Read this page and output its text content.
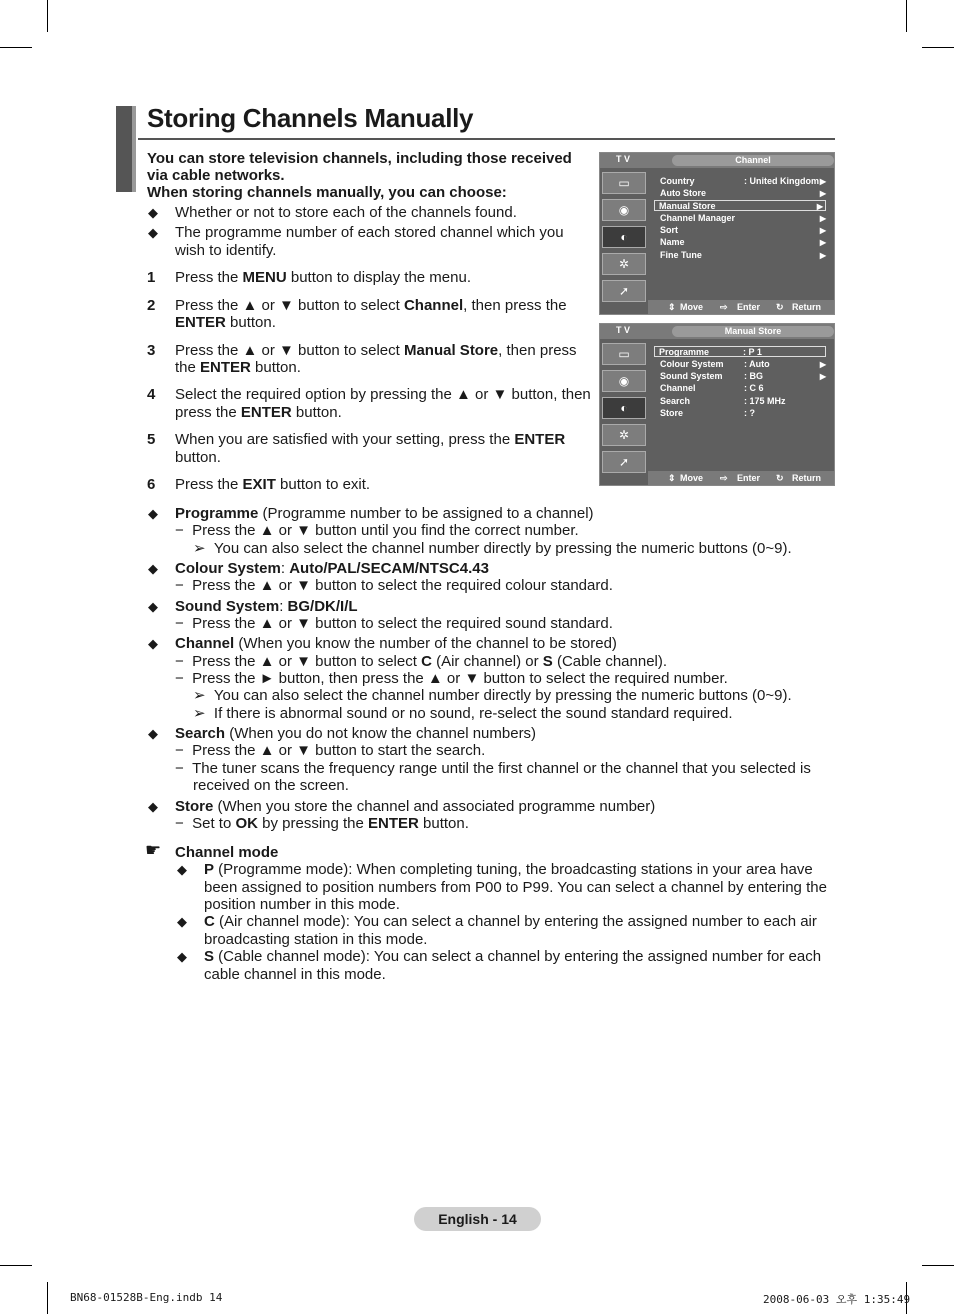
Storing Channels Manually
You can store television channels, including those received
via cable networks.
When storing channels manually, you can choose:
◆ Whether or not to store each of the channels found.
◆ The programme number of each stored channel which you
wish to identify.
1 Press the MENU button to display the menu.
2 Press the ▲ or ▼ button to select Channel, then press the
ENTER button.
3 Press the ▲ or ▼ button to select Manual Store, then press
the ENTER button.
4 Select the required option by pressing the ▲ or ▼ button, then
press the ENTER button.
5 When you are satisfied with your setting, press the ENTER
button.
6 Press the EXIT button to exit.
T V	Channel
▭
◉
◐
✲
➚
Country	: United Kingdom ▶
Auto Store	▶
Manual Store	▶
Channel Manager	▶
Sort	▶
Name	▶
Fine Tune	▶
⇕ Move ⇨ Enter ↻ Return
T V	Manual Store
▭
◉
◐
✲
➚
Programme	: P 1
Colour System : Auto	▶
Sound System : BG	▶
Channel	: C 6
Search	: 175 MHz
Store	: ?
⇕ Move ⇨ Enter ↻ Return
◆ Programme (Programme number to be assigned to a channel)
−  Press the ▲ or ▼ button until you find the correct number.
➢ You can also select the channel number directly by pressing the numeric buttons (0~9).
◆ Colour System: Auto/PAL/SECAM/NTSC4.43
−  Press the ▲ or ▼ button to select the required colour standard.
◆ Sound System: BG/DK/I/L
−  Press the ▲ or ▼ button to select the required sound standard.
◆ Channel (When you know the number of the channel to be stored)
−  Press the ▲ or ▼ button to select C (Air channel) or S (Cable channel).
−  Press the ► button, then press the ▲ or ▼ button to select the required number.
➢ You can also select the channel number directly by pressing the numeric buttons (0~9).
➢ If there is abnormal sound or no sound, re-select the sound standard required.
◆ Search (When you do not know the channel numbers)
−  Press the ▲ or ▼ button to start the search.
−  The tuner scans the frequency range until the first channel or the channel that you selected is
received on the screen.
◆ Store (When you store the channel and associated programme number)
−  Set to OK by pressing the ENTER button.
☛ Channel mode
◆ P (Programme mode): When completing tuning, the broadcasting stations in your area have
been assigned to position numbers from P00 to P99. You can select a channel by entering the
position number in this mode.
◆ C (Air channel mode): You can select a channel by entering the assigned number to each air
broadcasting station in this mode.
◆ S (Cable channel mode): You can select a channel by entering the assigned number for each
cable channel in this mode.
English - 14
BN68-01528B-Eng.indb 14	2008-06-03 오후 1:35:49
